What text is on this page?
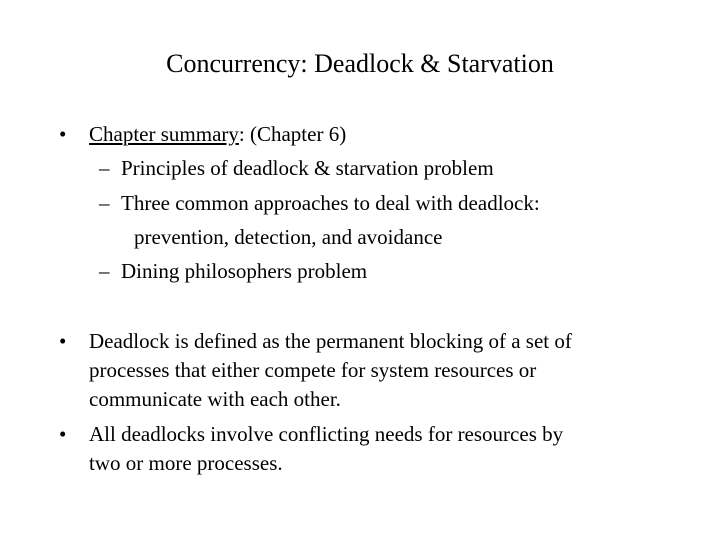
Concurrency: Deadlock & Starvation
• Chapter summary: (Chapter 6)
– Principles of deadlock & starvation problem
– Three common approaches to deal with deadlock:
prevention, detection, and avoidance
– Dining philosophers problem
• Deadlock is defined as the permanent blocking of a set of
processes that either compete for system resources or
communicate with each other.
• All deadlocks involve conflicting needs for resources by
two or more processes.
